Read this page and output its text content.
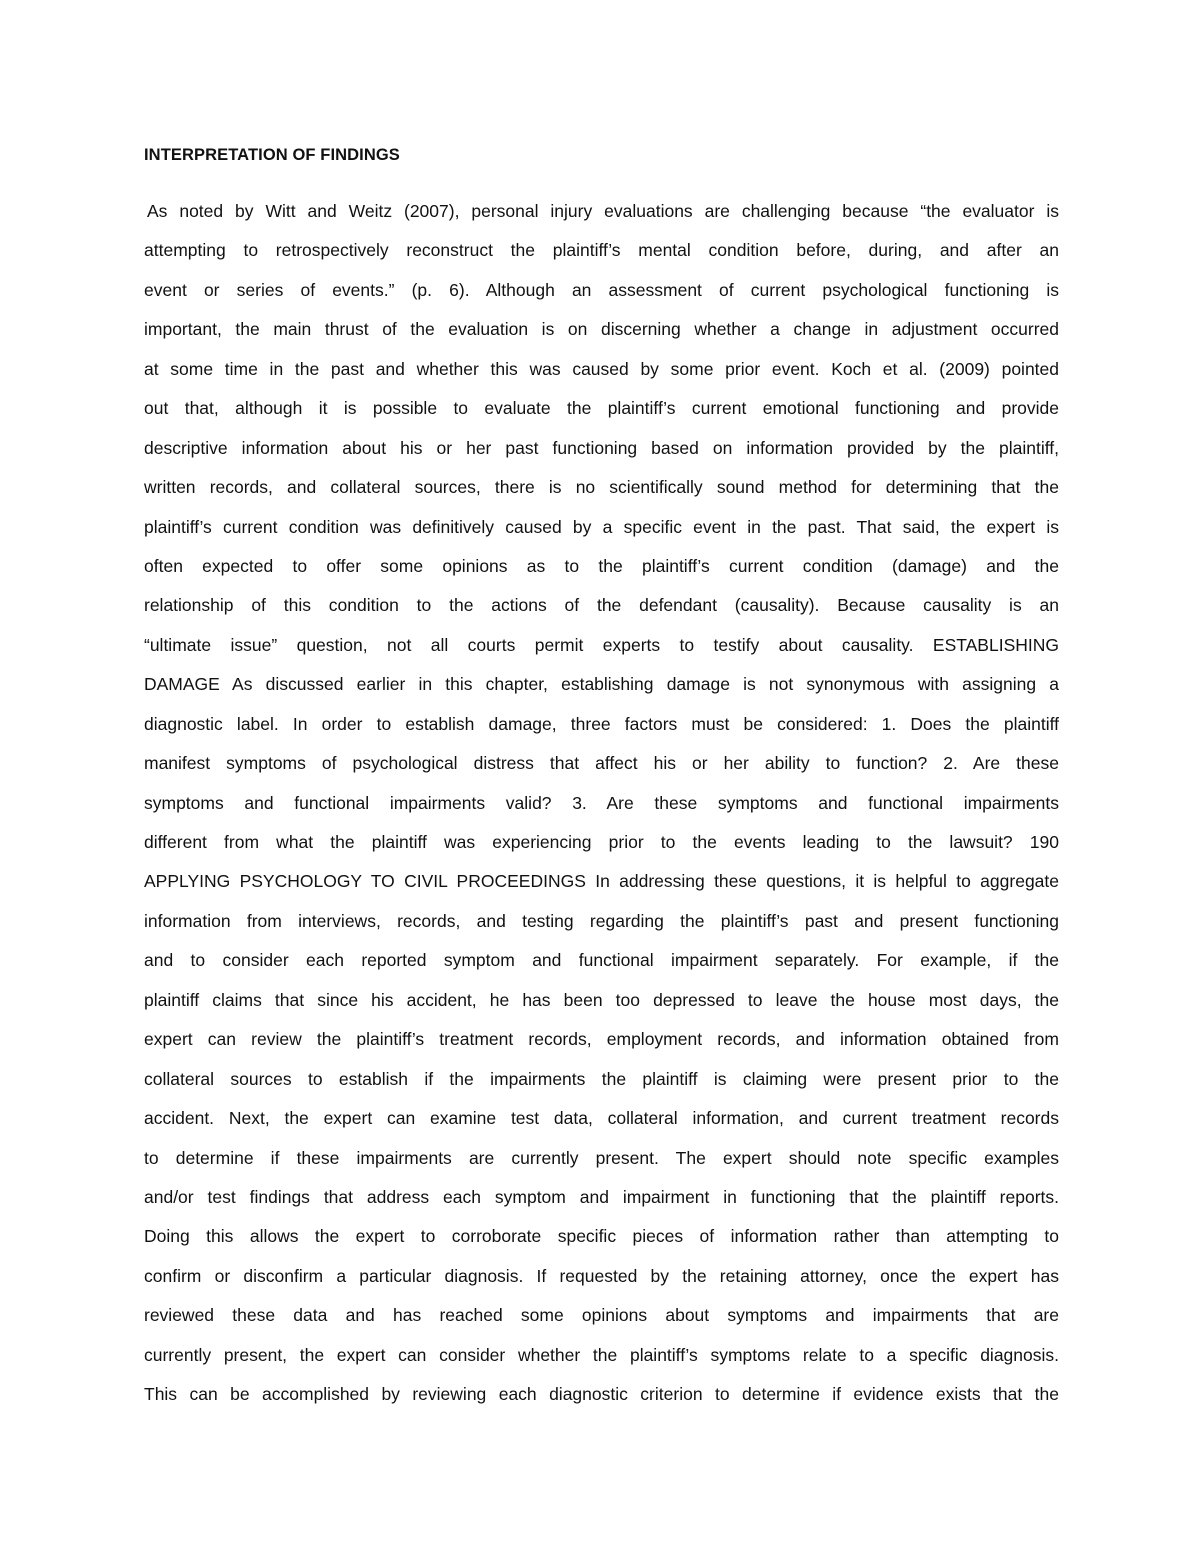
INTERPRETATION OF FINDINGS
As noted by Witt and Weitz (2007), personal injury evaluations are challenging because “the evaluator is
attempting to retrospectively reconstruct the plaintiff’s mental condition before, during, and after an
event or series of events.” (p. 6). Although an assessment of current psychological functioning is
important, the main thrust of the evaluation is on discerning whether a change in adjustment occurred
at some time in the past and whether this was caused by some prior event. Koch et al. (2009) pointed
out that, although it is possible to evaluate the plaintiff’s current emotional functioning and provide
descriptive information about his or her past functioning based on information provided by the plaintiff,
written records, and collateral sources, there is no scientifically sound method for determining that the
plaintiff’s current condition was definitively caused by a specific event in the past. That said, the expert is
often expected to offer some opinions as to the plaintiff’s current condition (damage) and the
relationship of this condition to the actions of the defendant (causality). Because causality is an
“ultimate issue” question, not all courts permit experts to testify about causality. ESTABLISHING
DAMAGE As discussed earlier in this chapter, establishing damage is not synonymous with assigning a
diagnostic label. In order to establish damage, three factors must be considered: 1. Does the plaintiff
manifest symptoms of psychological distress that affect his or her ability to function? 2. Are these
symptoms and functional impairments valid? 3. Are these symptoms and functional impairments
different from what the plaintiff was experiencing prior to the events leading to the lawsuit? 190
APPLYING PSYCHOLOGY TO CIVIL PROCEEDINGS In addressing these questions, it is helpful to aggregate
information from interviews, records, and testing regarding the plaintiff’s past and present functioning
and to consider each reported symptom and functional impairment separately. For example, if the
plaintiff claims that since his accident, he has been too depressed to leave the house most days, the
expert can review the plaintiff’s treatment records, employment records, and information obtained from
collateral sources to establish if the impairments the plaintiff is claiming were present prior to the
accident. Next, the expert can examine test data, collateral information, and current treatment records
to determine if these impairments are currently present. The expert should note specific examples
and/or test findings that address each symptom and impairment in functioning that the plaintiff reports.
Doing this allows the expert to corroborate specific pieces of information rather than attempting to
confirm or disconfirm a particular diagnosis. If requested by the retaining attorney, once the expert has
reviewed these data and has reached some opinions about symptoms and impairments that are
currently present, the expert can consider whether the plaintiff’s symptoms relate to a specific diagnosis.
This can be accomplished by reviewing each diagnostic criterion to determine if evidence exists that the
